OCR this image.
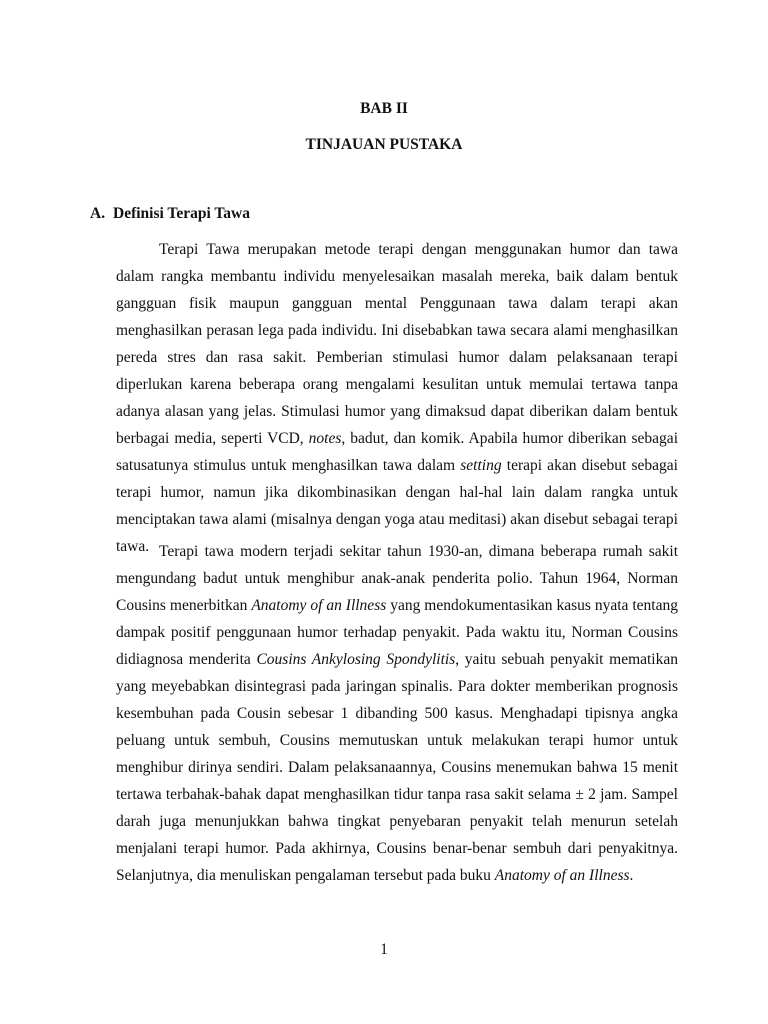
BAB II
TINJAUAN PUSTAKA
A. Definisi Terapi Tawa

Terapi Tawa merupakan metode terapi dengan menggunakan humor dan tawa dalam rangka membantu individu menyelesaikan masalah mereka, baik dalam bentuk gangguan fisik maupun gangguan mental Penggunaan tawa dalam terapi akan menghasilkan perasan lega pada individu. Ini disebabkan tawa secara alami menghasilkan pereda stres dan rasa sakit. Pemberian stimulasi humor dalam pelaksanaan terapi diperlukan karena beberapa orang mengalami kesulitan untuk memulai tertawa tanpa adanya alasan yang jelas. Stimulasi humor yang dimaksud dapat diberikan dalam bentuk berbagai media, seperti VCD, notes, badut, dan komik. Apabila humor diberikan sebagai satusatunya stimulus untuk menghasilkan tawa dalam setting terapi akan disebut sebagai terapi humor, namun jika dikombinasikan dengan hal-hal lain dalam rangka untuk menciptakan tawa alami (misalnya dengan yoga atau meditasi) akan disebut sebagai terapi tawa. Terapi tawa modern terjadi sekitar tahun 1930-an, dimana beberapa rumah sakit mengundang badut untuk menghibur anak-anak penderita polio. Tahun 1964, Norman Cousins menerbitkan Anatomy of an Illness yang mendokumentasikan kasus nyata tentang dampak positif penggunaan humor terhadap penyakit. Pada waktu itu, Norman Cousins didiagnosa menderita Cousins Ankylosing Spondylitis, yaitu sebuah penyakit mematikan yang meyebabkan disintegrasi pada jaringan spinalis. Para dokter memberikan prognosis kesembuhan pada Cousin sebesar 1 dibanding 500 kasus. Menghadapi tipisnya angka peluang untuk sembuh, Cousins memutuskan untuk melakukan terapi humor untuk menghibur dirinya sendiri. Dalam pelaksanaannya, Cousins menemukan bahwa 15 menit tertawa terbahak-bahak dapat menghasilkan tidur tanpa rasa sakit selama ± 2 jam. Sampel darah juga menunjukkan bahwa tingkat penyebaran penyakit telah menurun setelah menjalani terapi humor. Pada akhirnya, Cousins benar-benar sembuh dari penyakitnya. Selanjutnya, dia menuliskan pengalaman tersebut pada buku Anatomy of an Illness.

1
